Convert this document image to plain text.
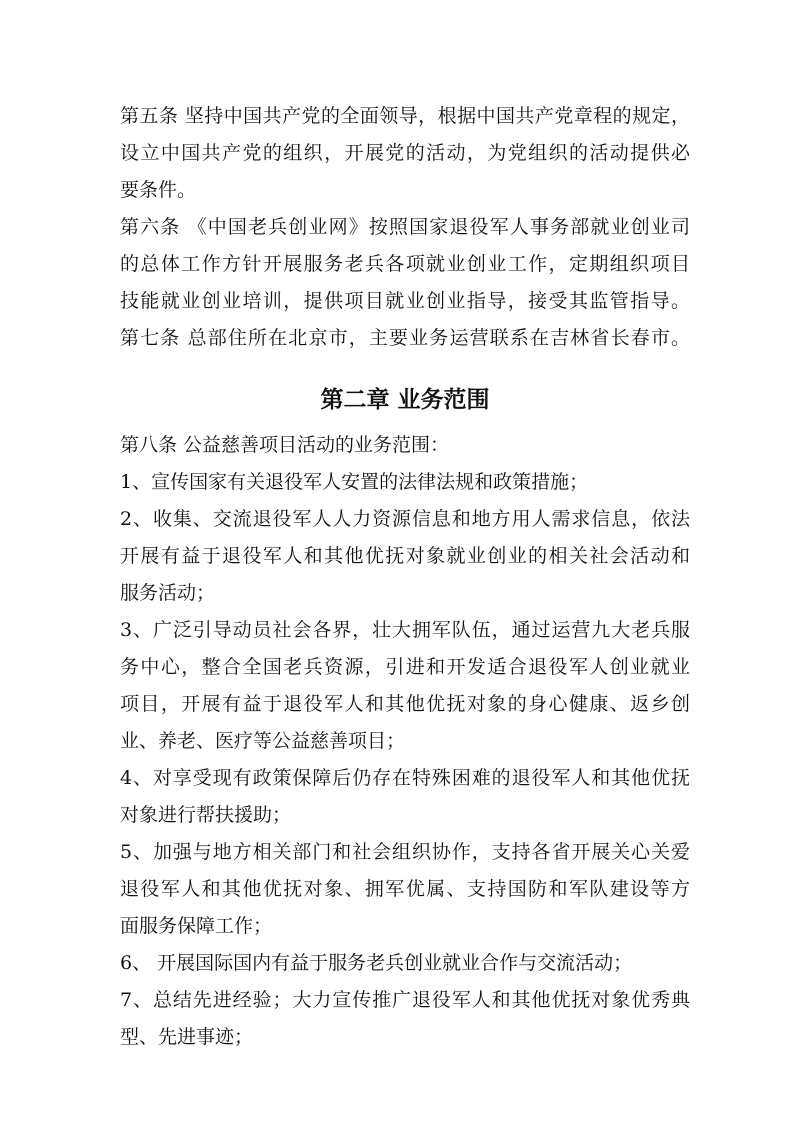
第五条 坚持中国共产党的全面领导，根据中国共产党章程的规定，
设立中国共产党的组织，开展党的活动，为党组织的活动提供必
要条件。
第六条 《中国老兵创业网》按照国家退役军人事务部就业创业司
的总体工作方针开展服务老兵各项就业创业工作，定期组织项目
技能就业创业培训，提供项目就业创业指导，接受其监管指导。
第七条 总部住所在北京市，主要业务运营联系在吉林省长春市。
第二章 业务范围
第八条 公益慈善项目活动的业务范围：
1、宣传国家有关退役军人安置的法律法规和政策措施；
2、收集、交流退役军人人力资源信息和地方用人需求信息，依法
开展有益于退役军人和其他优抚对象就业创业的相关社会活动和
服务活动；
3、广泛引导动员社会各界，壮大拥军队伍，通过运营九大老兵服
务中心，整合全国老兵资源，引进和开发适合退役军人创业就业
项目，开展有益于退役军人和其他优抚对象的身心健康、返乡创
业、养老、医疗等公益慈善项目；
4、对享受现有政策保障后仍存在特殊困难的退役军人和其他优抚
对象进行帮扶援助；
5、加强与地方相关部门和社会组织协作，支持各省开展关心关爱
退役军人和其他优抚对象、拥军优属、支持国防和军队建设等方
面服务保障工作；
6、 开展国际国内有益于服务老兵创业就业合作与交流活动；
7、总结先进经验；大力宣传推广退役军人和其他优抚对象优秀典
型、先进事迹；
